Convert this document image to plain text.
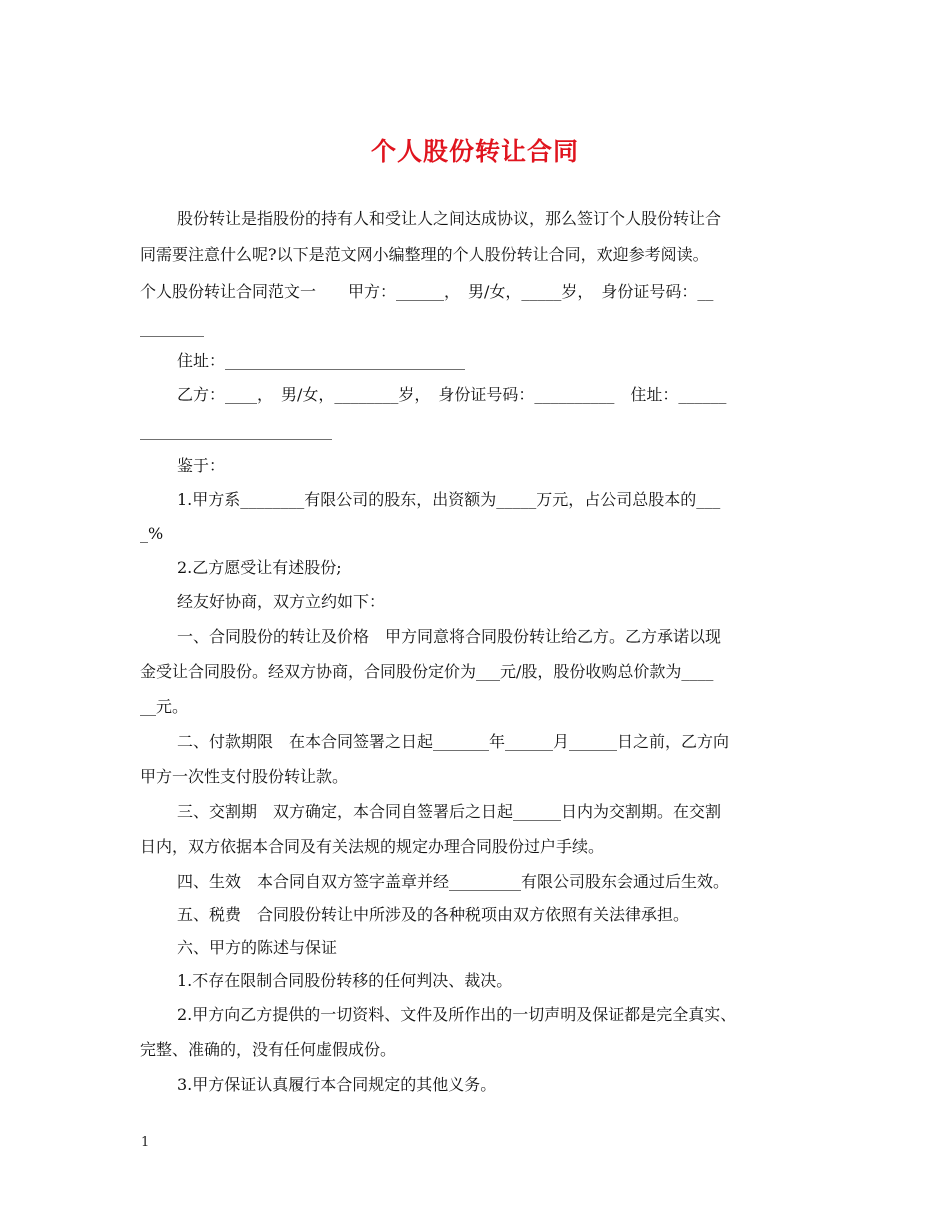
个人股份转让合同
股份转让是指股份的持有人和受让人之间达成协议，那么签订个人股份转让合
同需要注意什么呢?以下是范文网小编整理的个人股份转让合同，欢迎参考阅读。
个人股份转让合同范文一　　甲方：______，　男/女，_____岁，　身份证号码：__
________
住址：______________________________
乙方：____，　男/女，________岁，　身份证号码：__________　住址：______
________________________
鉴于：
1.甲方系________有限公司的股东，出资额为_____万元，占公司总股本的___
_%
2.乙方愿受让有述股份;
经友好协商，双方立约如下：
一、合同股份的转让及价格　甲方同意将合同股份转让给乙方。乙方承诺以现
金受让合同股份。经双方协商，合同股份定价为___元/股，股份收购总价款为____
__元。
二、付款期限　在本合同签署之日起_______年______月______日之前，乙方向
甲方一次性支付股份转让款。
三、交割期　双方确定，本合同自签署后之日起______日内为交割期。在交割
日内，双方依据本合同及有关法规的规定办理合同股份过户手续。
四、生效　本合同自双方签字盖章并经_________有限公司股东会通过后生效。
五、税费　合同股份转让中所涉及的各种税项由双方依照有关法律承担。
六、甲方的陈述与保证
1.不存在限制合同股份转移的任何判决、裁决。
2.甲方向乙方提供的一切资料、文件及所作出的一切声明及保证都是完全真实、
完整、准确的，没有任何虚假成份。
3.甲方保证认真履行本合同规定的其他义务。
1
